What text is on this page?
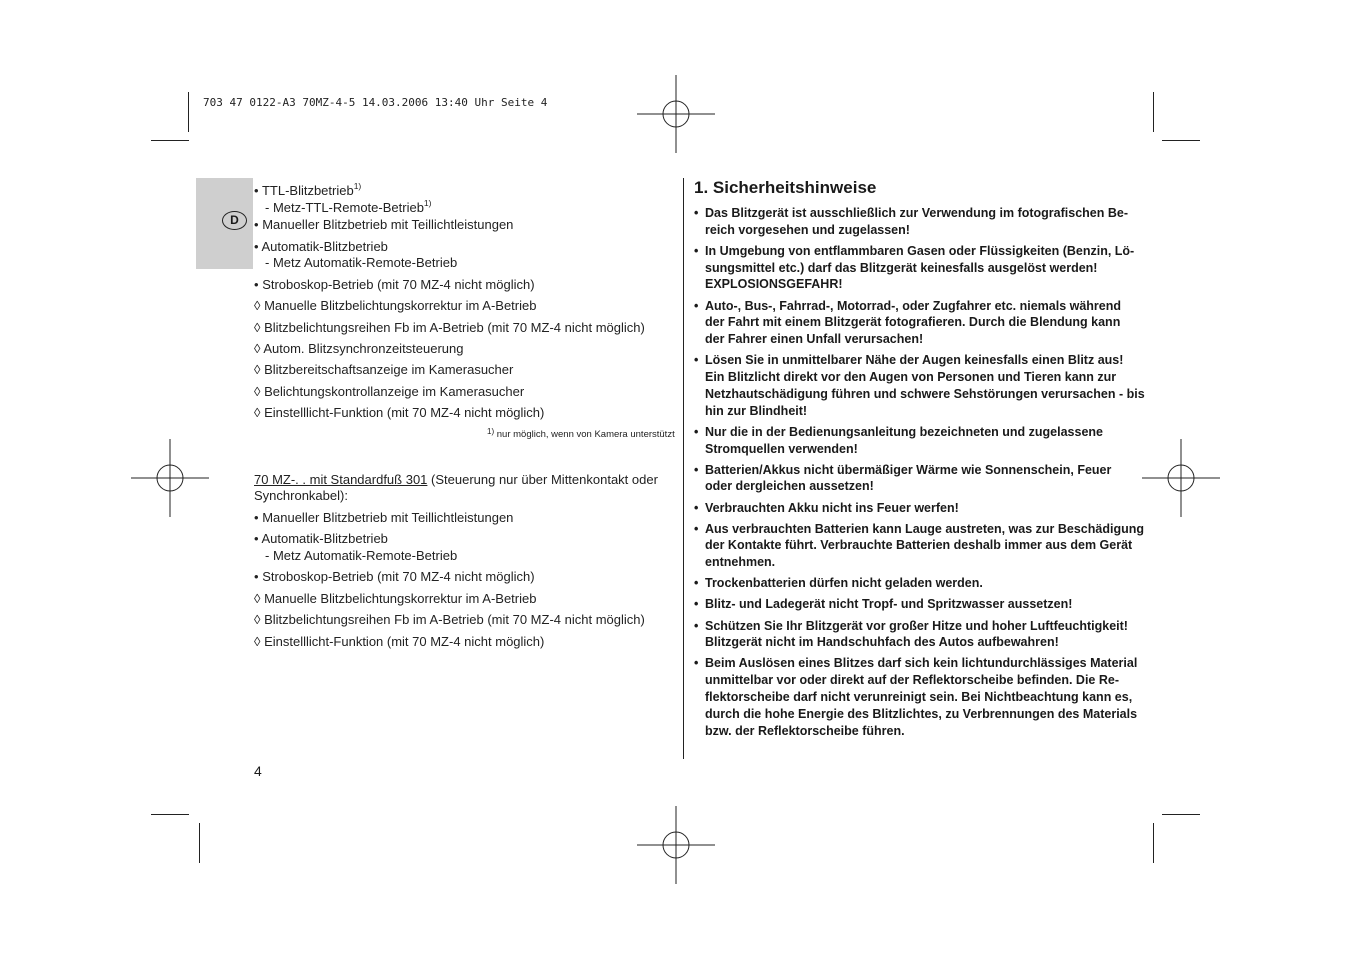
703 47 0122-A3 70MZ-4-5 14.03.2006 13:40 Uhr Seite 4
D
• TTL-Blitzbetrieb$^{1)}$
- Metz-TTL-Remote-Betrieb$^{1)}$
• Manueller Blitzbetrieb mit Teillichtleistungen
• Automatik-Blitzbetrieb
- Metz Automatik-Remote-Betrieb
• Stroboskop-Betrieb (mit 70 MZ-4 nicht möglich)
◊ Manuelle Blitzbelichtungskorrektur im A-Betrieb
◊ Blitzbelichtungsreihen Fb im A-Betrieb (mit 70 MZ-4 nicht möglich)
◊ Autom. Blitzsynchronzeitsteuerung
◊ Blitzbereitschaftsanzeige im Kamerasucher
◊ Belichtungskontrollanzeige im Kamerasucher
◊ Einstelllicht-Funktion (mit 70 MZ-4 nicht möglich)
$^{1)}$ nur möglich, wenn von Kamera unterstützt
70 MZ-. . mit Standardfuß 301 (Steuerung nur über Mittenkontakt oder
Synchronkabel):
• Manueller Blitzbetrieb mit Teillichtleistungen
• Automatik-Blitzbetrieb
- Metz Automatik-Remote-Betrieb
• Stroboskop-Betrieb (mit 70 MZ-4 nicht möglich)
◊ Manuelle Blitzbelichtungskorrektur im A-Betrieb
◊ Blitzbelichtungsreihen Fb im A-Betrieb (mit 70 MZ-4 nicht möglich)
◊ Einstelllicht-Funktion (mit 70 MZ-4 nicht möglich)
1. Sicherheitshinweise
• Das Blitzgerät ist ausschließlich zur Verwendung im fotografischen Be-
reich vorgesehen und zugelassen!
• In Umgebung von entflammbaren Gasen oder Flüssigkeiten (Benzin, Lö-
sungsmittel etc.) darf das Blitzgerät keinesfalls ausgelöst werden!
EXPLOSIONSGEFAHR!
• Auto-, Bus-, Fahrrad-, Motorrad-, oder Zugfahrer etc. niemals während
der Fahrt mit einem Blitzgerät fotografieren. Durch die Blendung kann
der Fahrer einen Unfall verursachen!
• Lösen Sie in unmittelbarer Nähe der Augen keinesfalls einen Blitz aus!
Ein Blitzlicht direkt vor den Augen von Personen und Tieren kann zur
Netzhautschädigung führen und schwere Sehstörungen verursachen - bis
hin zur Blindheit!
• Nur die in der Bedienungsanleitung bezeichneten und zugelassene
Stromquellen verwenden!
• Batterien/Akkus nicht übermäßiger Wärme wie Sonnenschein, Feuer
oder dergleichen aussetzen!
• Verbrauchten Akku nicht ins Feuer werfen!
• Aus verbrauchten Batterien kann Lauge austreten, was zur Beschädigung
der Kontakte führt. Verbrauchte Batterien deshalb immer aus dem Gerät
entnehmen.
• Trockenbatterien dürfen nicht geladen werden.
• Blitz- und Ladegerät nicht Tropf- und Spritzwasser aussetzen!
• Schützen Sie Ihr Blitzgerät vor großer Hitze und hoher Luftfeuchtigkeit!
Blitzgerät nicht im Handschuhfach des Autos aufbewahren!
• Beim Auslösen eines Blitzes darf sich kein lichtundurchlässiges Material
unmittelbar vor oder direkt auf der Reflektorscheibe befinden. Die Re-
flektorscheibe darf nicht verunreinigt sein. Bei Nichtbeachtung kann es,
durch die hohe Energie des Blitzlichtes, zu Verbrennungen des Materials
bzw. der Reflektorscheibe führen.
4
